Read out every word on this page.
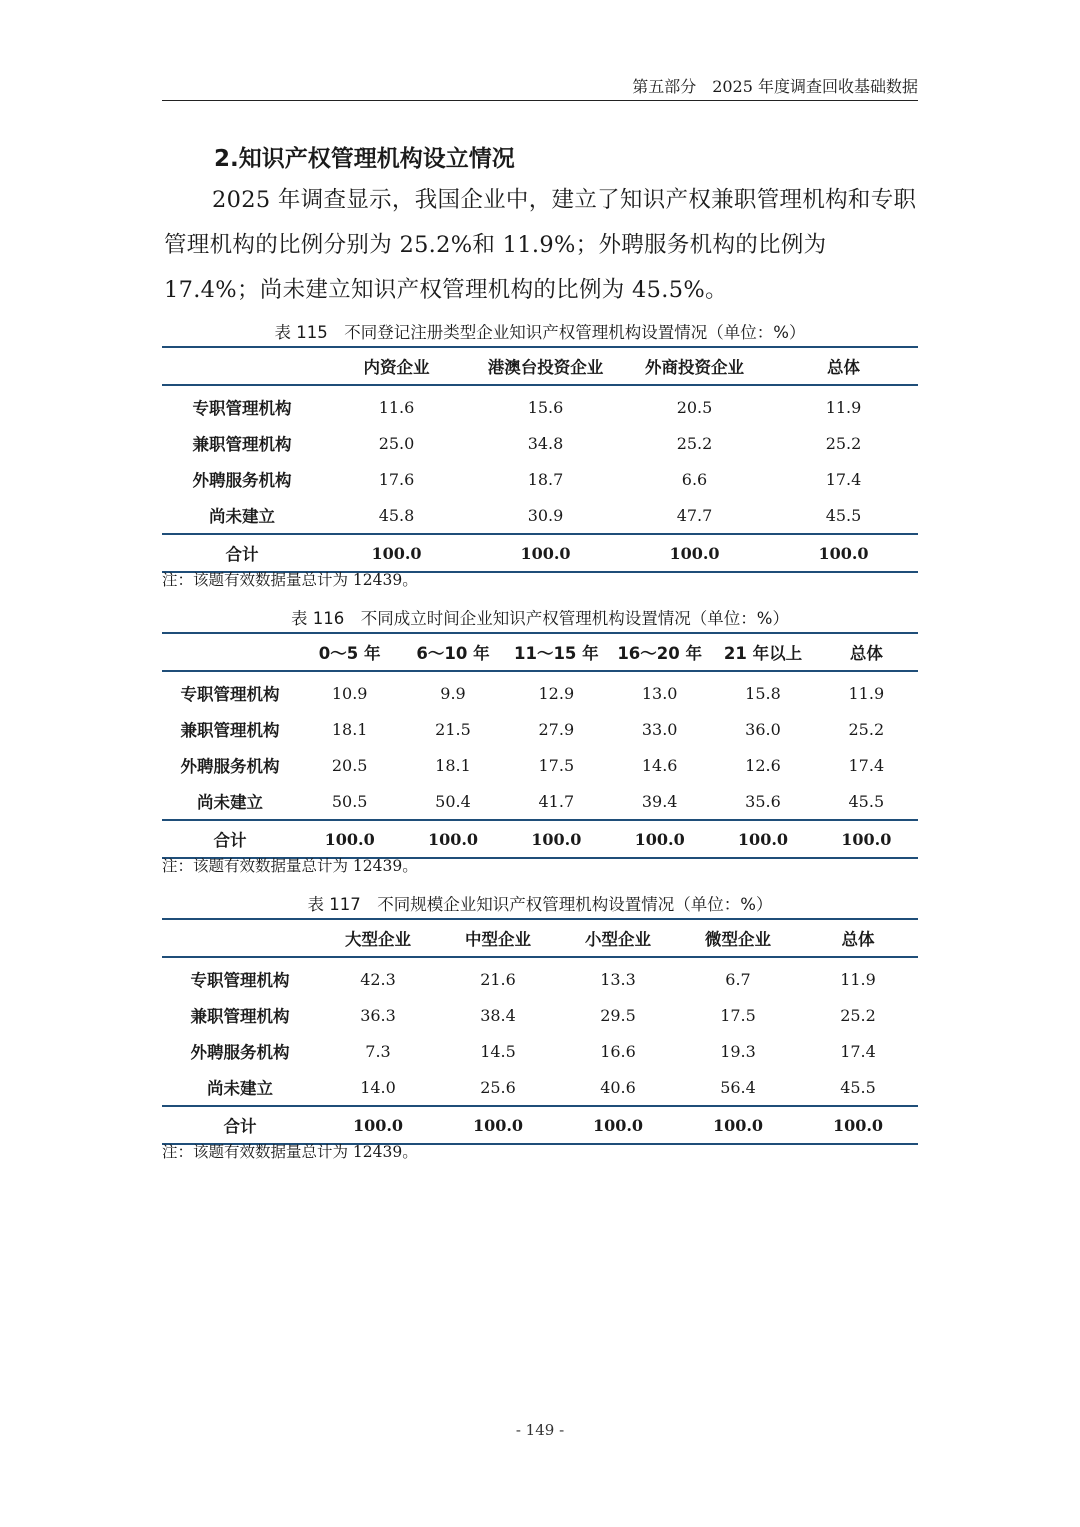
第五部分　2025 年度调查回收基础数据
2.知识产权管理机构设立情况
2025 年调查显示，我国企业中，建立了知识产权兼职管理机构和专职管理机构的比例分别为 25.2%和 11.9%；外聘服务机构的比例为 17.4%；尚未建立知识产权管理机构的比例为 45.5%。
表 115　不同登记注册类型企业知识产权管理机构设置情况（单位：%）
	内资企业	港澳台投资企业	外商投资企业	总体
专职管理机构	11.6	15.6	20.5	11.9
兼职管理机构	25.0	34.8	25.2	25.2
外聘服务机构	17.6	18.7	6.6	17.4
尚未建立	45.8	30.9	47.7	45.5
合计	100.0	100.0	100.0	100.0
注：该题有效数据量总计为 12439。
表 116　不同成立时间企业知识产权管理机构设置情况（单位：%）
	0～5 年	6～10 年	11～15 年	16～20 年	21 年以上	总体
专职管理机构	10.9	9.9	12.9	13.0	15.8	11.9
兼职管理机构	18.1	21.5	27.9	33.0	36.0	25.2
外聘服务机构	20.5	18.1	17.5	14.6	12.6	17.4
尚未建立	50.5	50.4	41.7	39.4	35.6	45.5
合计	100.0	100.0	100.0	100.0	100.0	100.0
注：该题有效数据量总计为 12439。
表 117　不同规模企业知识产权管理机构设置情况（单位：%）
	大型企业	中型企业	小型企业	微型企业	总体
专职管理机构	42.3	21.6	13.3	6.7	11.9
兼职管理机构	36.3	38.4	29.5	17.5	25.2
外聘服务机构	7.3	14.5	16.6	19.3	17.4
尚未建立	14.0	25.6	40.6	56.4	45.5
合计	100.0	100.0	100.0	100.0	100.0
注：该题有效数据量总计为 12439。
- 149 -
